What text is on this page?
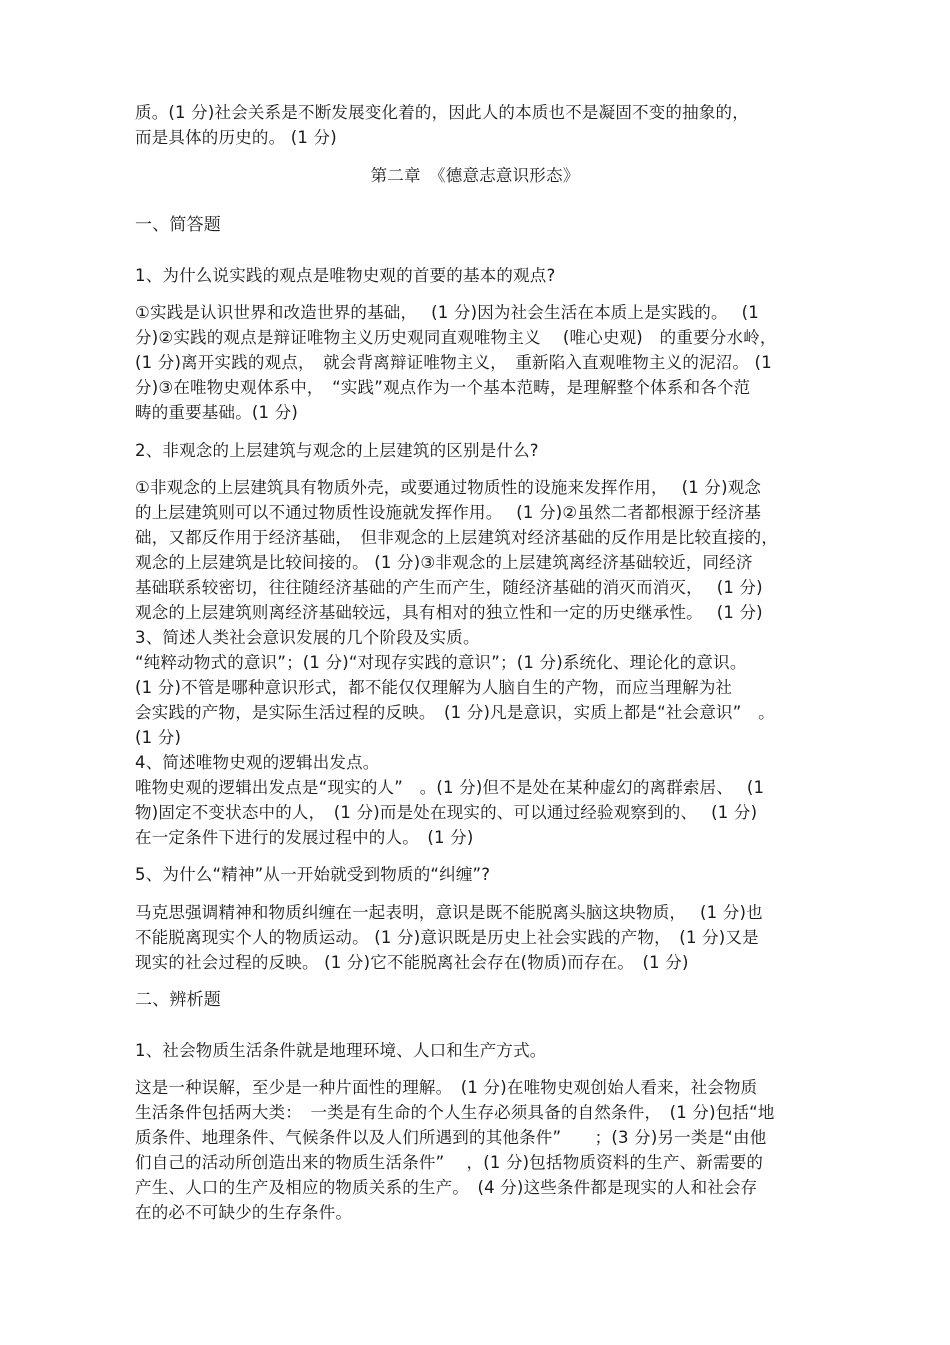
质。(1 分)社会关系是不断发展变化着的，因此人的本质也不是凝固不变的抽象的，
而是具体的历史的。 (1 分)
第二章　《德意志意识形态》
一、简答题
1、为什么说实践的观点是唯物史观的首要的基本的观点?
①实践是认识世界和改造世界的基础，　 (1 分)因为社会生活在本质上是实践的。　 (1
分)②实践的观点是辩证唯物主义历史观同直观唯物主义　 (唯心史观)　的重要分水岭，
(1 分)离开实践的观点，　就会背离辩证唯物主义，　重新陷入直观唯物主义的泥沼。 (1
分)③在唯物史观体系中，　“实践”观点作为一个基本范畴，是理解整个体系和各个范
畴的重要基础。(1 分)
2、非观念的上层建筑与观念的上层建筑的区别是什么?
①非观念的上层建筑具有物质外壳，或要通过物质性的设施来发挥作用，　 (1 分)观念
的上层建筑则可以不通过物质性设施就发挥作用。　 (1 分)②虽然二者都根源于经济基
础，又都反作用于经济基础，　但非观念的上层建筑对经济基础的反作用是比较直接的，
观念的上层建筑是比较间接的。 (1 分)③非观念的上层建筑离经济基础较近，同经济
基础联系较密切，往往随经济基础的产生而产生，随经济基础的消灭而消灭，　 (1 分)
观念的上层建筑则离经济基础较远，具有相对的独立性和一定的历史继承性。　 (1 分)
3、简述人类社会意识发展的几个阶段及实质。
“纯粹动物式的意识”；(1 分)“对现存实践的意识”；(1 分)系统化、理论化的意识。
(1 分)不管是哪种意识形式，都不能仅仅理解为人脑自生的产物，而应当理解为社
会实践的产物，是实际生活过程的反映。　(1 分)凡是意识，实质上都是“社会意识”　。
(1 分)
4、简述唯物史观的逻辑出发点。
唯物史观的逻辑出发点是“现实的人”　。(1 分)但不是处在某种虚幻的离群索居、　 (1
物)固定不变状态中的人，　(1 分)而是处在现实的、可以通过经验观察到的、　 (1 分)
在一定条件下进行的发展过程中的人。　(1 分)
5、为什么“精神”从一开始就受到物质的“纠缠”?
马克思强调精神和物质纠缠在一起表明，意识是既不能脱离头脑这块物质，　 (1 分)也
不能脱离现实个人的物质运动。 (1 分)意识既是历史上社会实践的产物，　(1 分)又是
现实的社会过程的反映。 (1 分)它不能脱离社会存在(物质)而存在。　(1 分)
二、辨析题
1、社会物质生活条件就是地理环境、人口和生产方式。
这是一种误解，至少是一种片面性的理解。　(1 分)在唯物史观创始人看来，社会物质
生活条件包括两大类：　一类是有生命的个人生存必须具备的自然条件，　(1 分)包括“地
质条件、地理条件、气候条件以及人们所遇到的其他条件”　　；(3 分)另一类是“由他
们自己的活动所创造出来的物质生活条件”　 ，(1 分)包括物质资料的生产、新需要的
产生、人口的生产及相应的物质关系的生产。　(4 分)这些条件都是现实的人和社会存
在的必不可缺少的生存条件。
